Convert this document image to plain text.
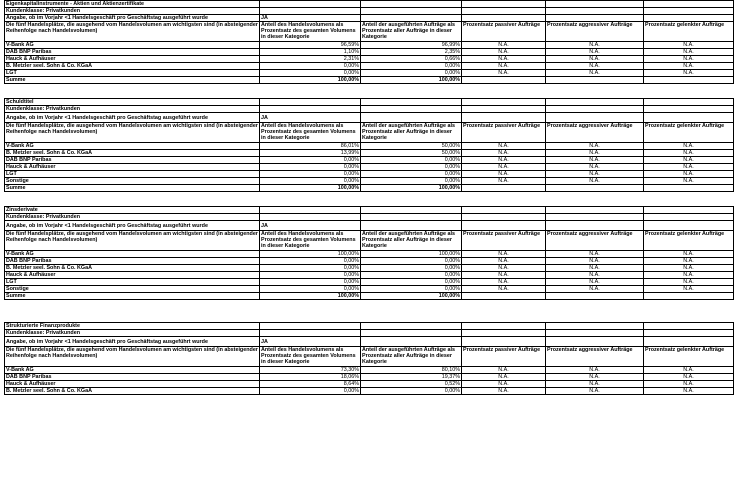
Eigenkapitalinstrumente - Aktien und Aktienzertifikate					
Kundenklasse: Privatkunden					
Angabe, ob im Vorjahr <1 Handelsgeschäft pro Geschäftstag ausgeführt wurde	JA				
Die fünf Handelsplätze, die ausgehend vom Handelsvolumen am wichtigsten sind (in absteigender Reihenfolge nach Handelsvolumen)	Anteil des Handelsvolumens als Prozentsatz des gesamten Volumens in dieser Kategorie	Anteil der ausgeführten Aufträge als Prozentsatz aller Aufträge in dieser Kategorie	Prozentsatz passiver Aufträge	Prozentsatz aggressiver Aufträge	Prozentsatz gelenkter Aufträge
V-Bank AG	96,59%	96,99%	N.A.	N.A.	N.A.
DAB BNP Paribas	1,10%	2,35%	N.A.	N.A.	N.A.
Hauck & Aufhäuser	2,31%	0,66%	N.A.	N.A.	N.A.
B. Metzler seel. Sohn & Co. KGaA	0,00%	0,00%	N.A.	N.A.	N.A.
LGT	0,00%	0,00%	N.A.	N.A.	N.A.
Summe	100,00%	100,00%			
Schuldtitel					
Kundenklasse: Privatkunden					
Angabe, ob im Vorjahr <1 Handelsgeschäft pro Geschäftstag ausgeführt wurde	JA				
Die fünf Handelsplätze, die ausgehend vom Handelsvolumen am wichtigsten sind (in absteigender Reihenfolge nach Handelsvolumen)	Anteil des Handelsvolumens als Prozentsatz des gesamten Volumens in dieser Kategorie	Anteil der ausgeführten Aufträge als Prozentsatz aller Aufträge in dieser Kategorie	Prozentsatz passiver Aufträge	Prozentsatz aggressiver Aufträge	Prozentsatz gelenkter Aufträge
V-Bank AG	86,01%	50,00%	N.A.	N.A.	N.A.
B. Metzler seel. Sohn & Co. KGaA	13,99%	50,00%	N.A.	N.A.	N.A.
DAB BNP Paribas	0,00%	0,00%	N.A.	N.A.	N.A.
Hauck & Aufhäuser	0,00%	0,00%	N.A.	N.A.	N.A.
LGT	0,00%	0,00%	N.A.	N.A.	N.A.
Sonstige	0,00%	0,00%	N.A.	N.A.	N.A.
Summe	100,00%	100,00%			
Zinsderivate					
Kundenklasse: Privatkunden					
Angabe, ob im Vorjahr <1 Handelsgeschäft pro Geschäftstag ausgeführt wurde	JA				
Die fünf Handelsplätze, die ausgehend vom Handelsvolumen am wichtigsten sind (in absteigender Reihenfolge nach Handelsvolumen)	Anteil des Handelsvolumens als Prozentsatz des gesamten Volumens in dieser Kategorie	Anteil der ausgeführten Aufträge als Prozentsatz aller Aufträge in dieser Kategorie	Prozentsatz passiver Aufträge	Prozentsatz aggressiver Aufträge	Prozentsatz gelenkter Aufträge
V-Bank AG	100,00%	100,00%	N.A.	N.A.	N.A.
DAB BNP Paribas	0,00%	0,00%	N.A.	N.A.	N.A.
B. Metzler seel. Sohn & Co. KGaA	0,00%	0,00%	N.A.	N.A.	N.A.
Hauck & Aufhäuser	0,00%	0,00%	N.A.	N.A.	N.A.
LGT	0,00%	0,00%	N.A.	N.A.	N.A.
Sonstige	0,00%	0,00%	N.A.	N.A.	N.A.
Summe	100,00%	100,00%			
Strukturierte Finanzprodukte					
Kundenklasse: Privatkunden					
Angabe, ob im Vorjahr <1 Handelsgeschäft pro Geschäftstag ausgeführt wurde	JA				
Die fünf Handelsplätze, die ausgehend vom Handelsvolumen am wichtigsten sind (in absteigender Reihenfolge nach Handelsvolumen)	Anteil des Handelsvolumens als Prozentsatz des gesamten Volumens in dieser Kategorie	Anteil der ausgeführten Aufträge als Prozentsatz aller Aufträge in dieser Kategorie	Prozentsatz passiver Aufträge	Prozentsatz aggressiver Aufträge	Prozentsatz gelenkter Aufträge
V-Bank AG	73,30%	80,10%	N.A.	N.A.	N.A.
DAB BNP Paribas	18,06%	19,37%	N.A.	N.A.	N.A.
Hauck & Aufhäuser	8,64%	0,52%	N.A.	N.A.	N.A.
B. Metzler seel. Sohn & Co. KGaA	0,00%	0,00%	N.A.	N.A.	N.A.
